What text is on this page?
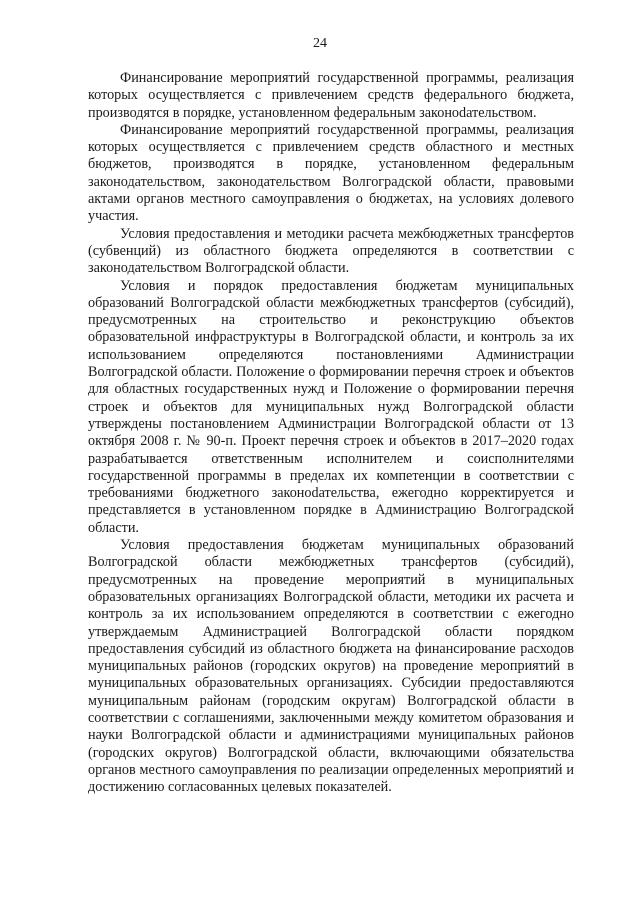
24

Финансирование мероприятий государственной программы, реализация которых осуществляется с привлечением средств федерального бюджета, производятся в порядке, установленном федеральным законоdательством.

Финансирование мероприятий государственной программы, реализация которых осуществляется с привлечением средств областного и местных бюджетов, производятся в порядке, установленном федеральным законодательством, законодательством Волгоградской области, правовыми актами органов местного самоуправления о бюджетах, на условиях долевого участия.

Условия предоставления и методики расчета межбюджетных трансфертов (субвенций) из областного бюджета определяются в соответствии с законодательством Волгоградской области.

Условия и порядок предоставления бюджетам муниципальных образований Волгоградской области межбюджетных трансфертов (субсидий), предусмотренных на строительство и реконструкцию объектов образовательной инфраструктуры в Волгоградской области, и контроль за их использованием определяются постановлениями Администрации Волгоградской области. Положение о формировании перечня строек и объектов для областных государственных нужд и Положение о формировании перечня строек и объектов для муниципальных нужд Волгоградской области утверждены постановлением Администрации Волгоградской области от 13 октября 2008 г. № 90-п. Проект перечня строек и объектов в 2017–2020 годах разрабатывается ответственным исполнителем и соисполнителями государственной программы в пределах их компетенции в соответствии с требованиями бюджетного законоdательства, ежегодно корректируется и представляется в установленном порядке в Администрацию Волгоградской области.

Условия предоставления бюджетам муниципальных образований Волгоградской области межбюджетных трансфертов (субсидий), предусмотренных на проведение мероприятий в муниципальных образовательных организациях Волгоградской области, методики их расчета и контроль за их использованием определяются в соответствии с ежегодно утверждаемым Администрацией Волгоградской области порядком предоставления субсидий из областного бюджета на финансирование расходов муниципальных районов (городских округов) на проведение мероприятий в муниципальных образовательных организациях. Субсидии предоставляются муниципальным районам (городским округам) Волгоградской области в соответствии с соглашениями, заключенными между комитетом образования и науки Волгоградской области и администрациями муниципальных районов (городских округов) Волгоградской области, включающими обязательства органов местного самоуправления по реализации определенных мероприятий и достижению согласованных целевых показателей.
